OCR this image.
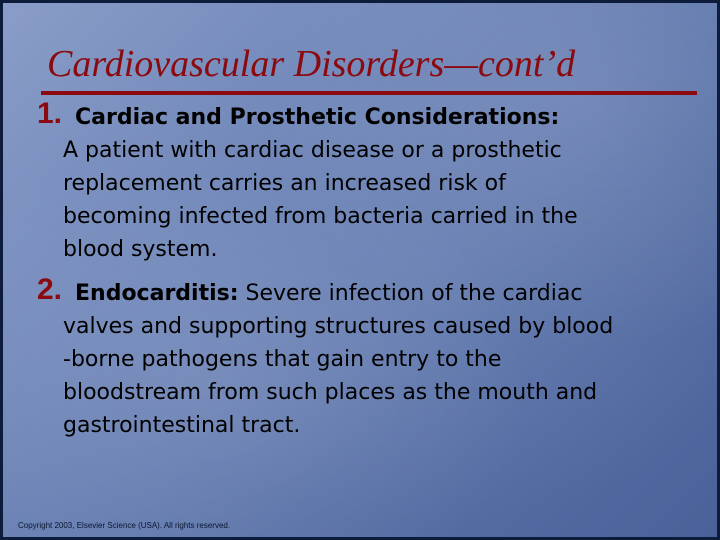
Cardiovascular Disorders—cont’d
1. Cardiac and Prosthetic Considerations:
A patient with cardiac disease or a prosthetic
replacement carries an increased risk of
becoming infected from bacteria carried in the
blood system.
2. Endocarditis: Severe infection of the cardiac
valves and supporting structures caused by blood
-borne pathogens that gain entry to the
bloodstream from such places as the mouth and
gastrointestinal tract.
Copyright 2003, Elsevier Science (USA). All rights reserved.
